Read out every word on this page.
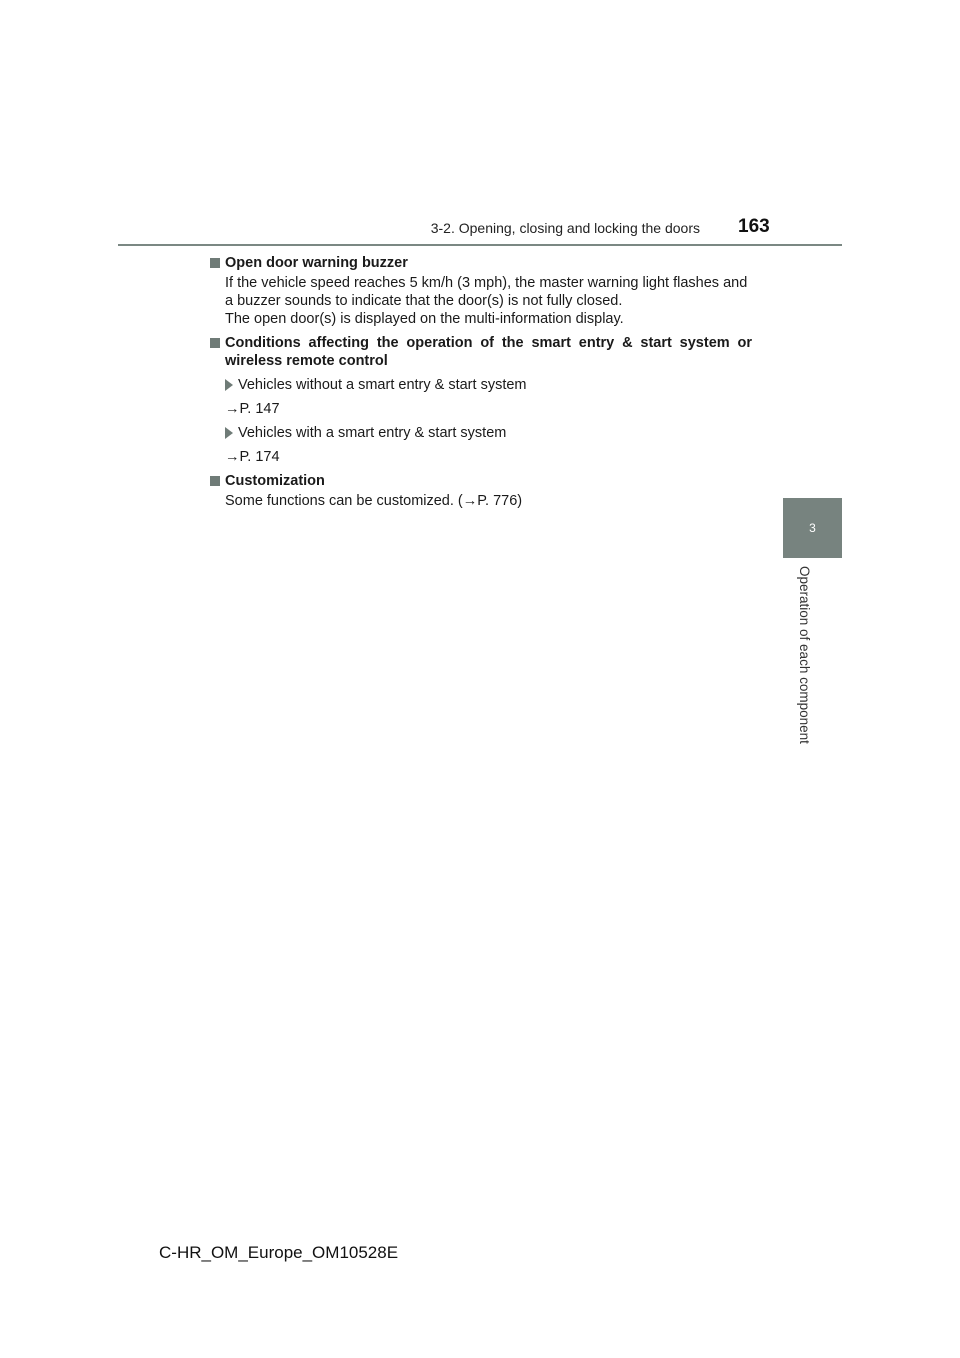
3-2. Opening, closing and locking the doors 163
3
Operation of each component
Open door warning buzzer

If the vehicle speed reaches 5 km/h (3 mph), the master warning light flashes and a buzzer sounds to indicate that the door(s) is not fully closed.

The open door(s) is displayed on the multi-information display.

Conditions affecting the operation of the smart entry & start system or wireless remote control
Vehicles without a smart entry & start system
→P. 147
Vehicles with a smart entry & start system
→P. 174
Customization

Some functions can be customized. (→P. 776)

C-HR_OM_Europe_OM10528E
